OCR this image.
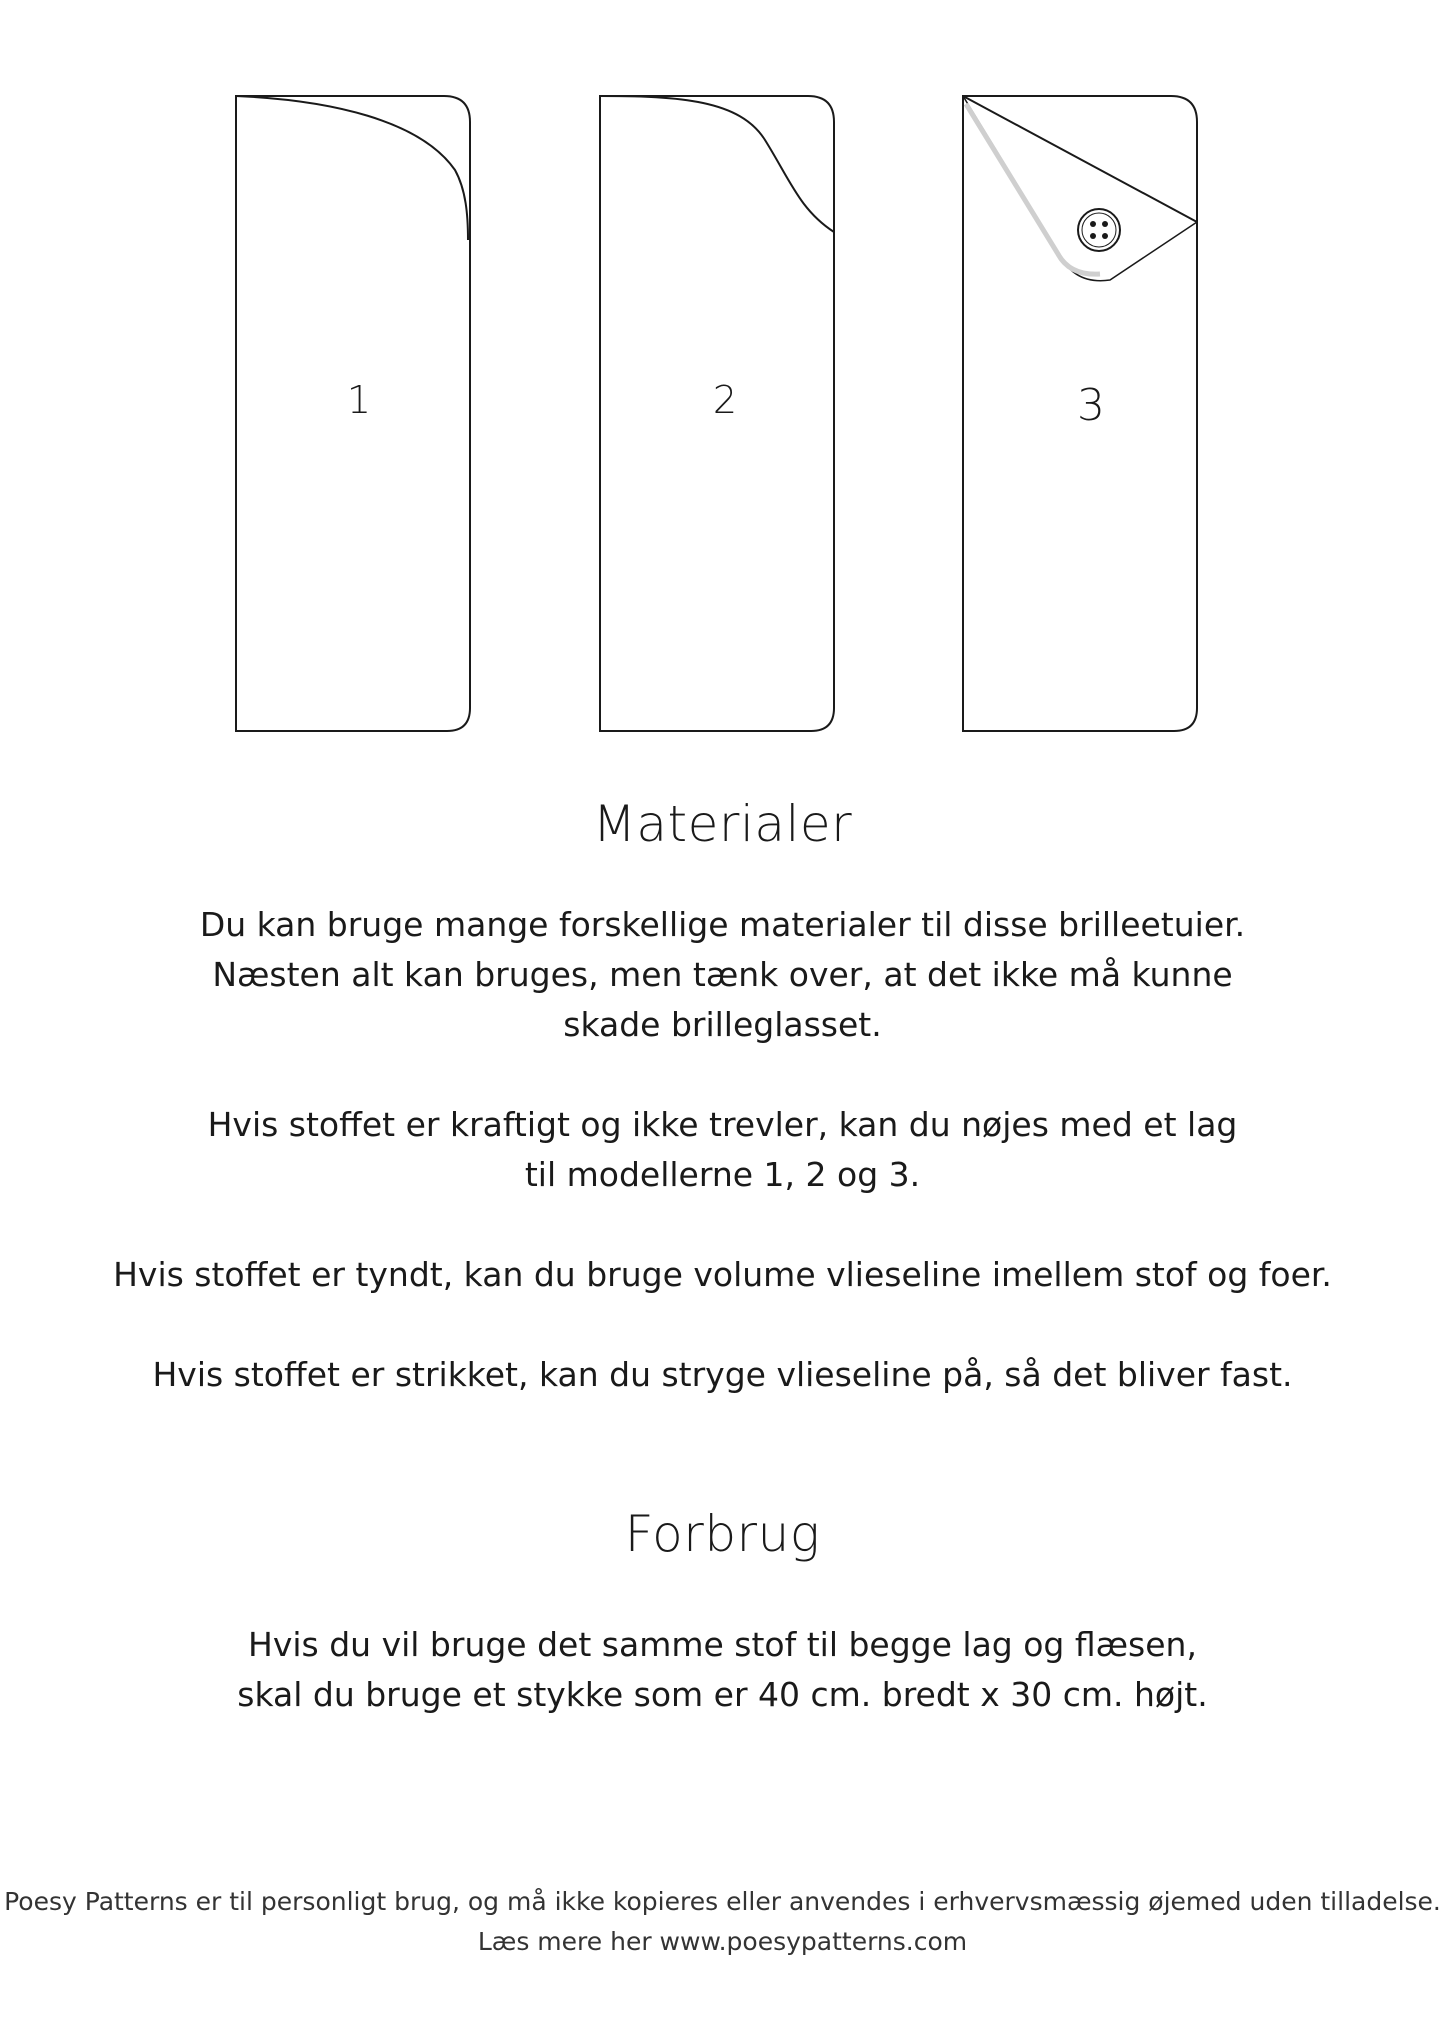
1	2	3
Materialer

Du kan bruge mange forskellige materialer til disse brilleetuier.
Næsten alt kan bruges, men tænk over, at det ikke må kunne
skade brilleglasset.

Hvis stoffet er kraftigt og ikke trevler, kan du nøjes med et lag
til modellerne 1, 2 og 3.

Hvis stoffet er tyndt, kan du bruge volume vlieseline imellem stof og foer.

Hvis stoffet er strikket, kan du stryge vlieseline på, så det bliver fast.

Forbrug

Hvis du vil bruge det samme stof til begge lag og flæsen,
skal du bruge et stykke som er 40 cm. bredt x 30 cm. højt.

Poesy Patterns er til personligt brug, og må ikke kopieres eller anvendes i erhvervsmæssig øjemed uden tilladelse.
Læs mere her www.poesypatterns.com
